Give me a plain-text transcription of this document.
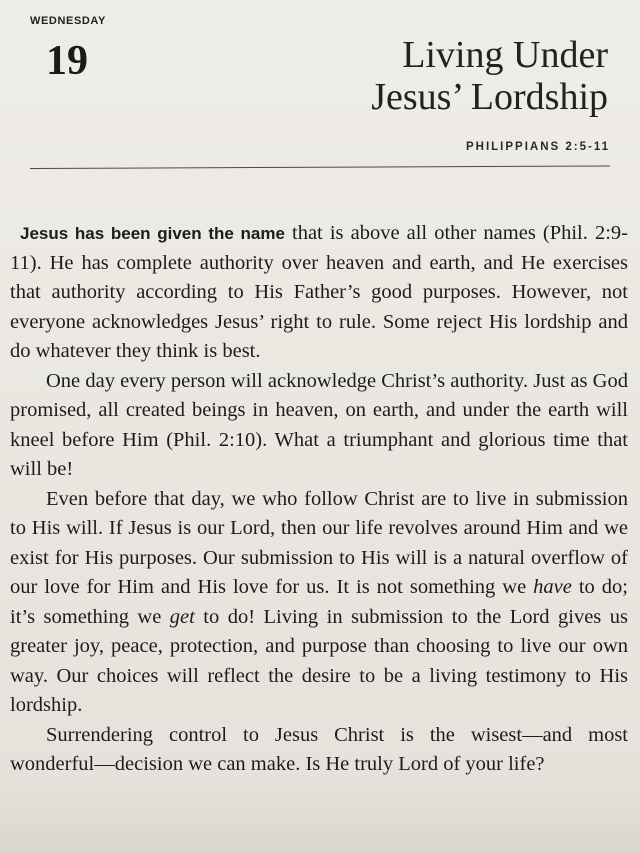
WEDNESDAY
19	Living Under
Jesus’ Lordship
PHILIPPIANS 2:5-11

Jesus has been given the name that is above all other names (Phil. 2:9-11). He has complete authority over heaven and earth, and He exercises that authority according to His Father’s good purposes. However, not everyone acknowledges Jesus’ right to rule. Some reject His lordship and do whatever they think is best.

One day every person will acknowledge Christ’s authority. Just as God promised, all created beings in heaven, on earth, and under the earth will kneel before Him (Phil. 2:10). What a triumphant and glorious time that will be!

Even before that day, we who follow Christ are to live in submission to His will. If Jesus is our Lord, then our life revolves around Him and we exist for His purposes. Our submission to His will is a natural overflow of our love for Him and His love for us. It is not something we have to do; it’s something we get to do! Living in submission to the Lord gives us greater joy, peace, protection, and purpose than choosing to live our own way. Our choices will reflect the desire to be a living testimony to His lordship.

Surrendering control to Jesus Christ is the wisest—and most wonderful—decision we can make. Is He truly Lord of your life?
